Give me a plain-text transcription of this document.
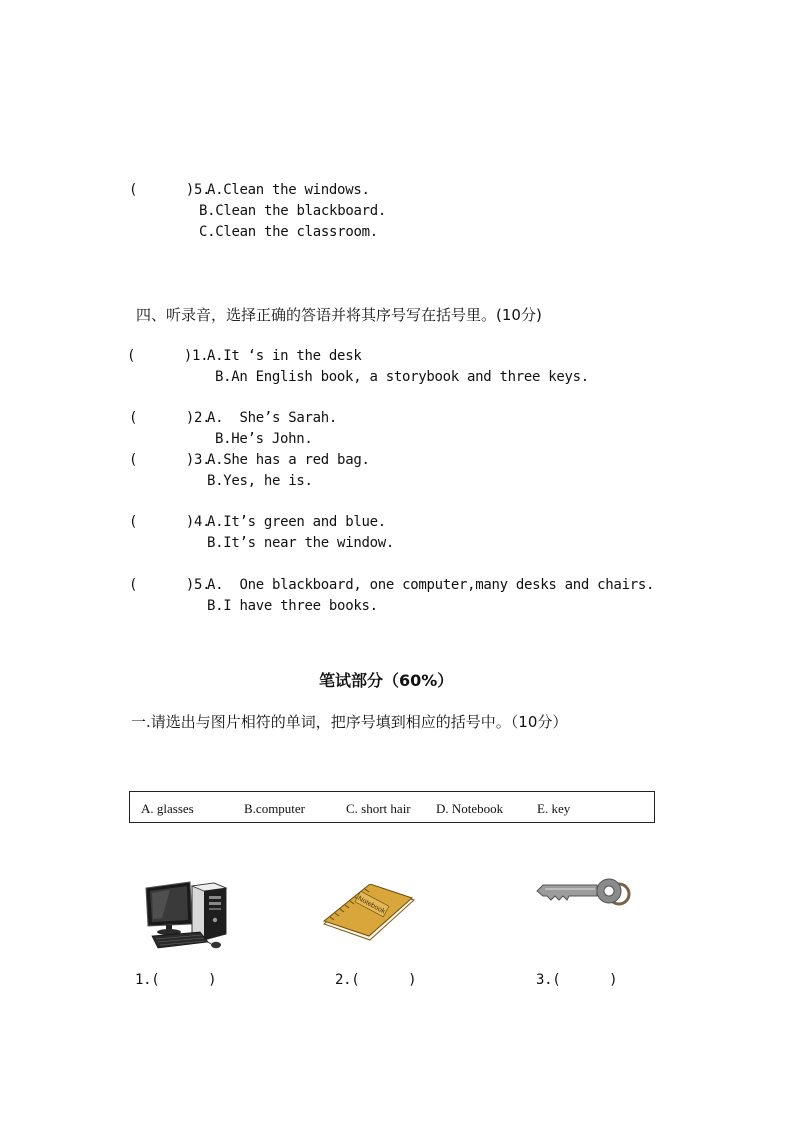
(      )5.
A.Clean the windows.
B.Clean the blackboard.
C.Clean the classroom.
四、听录音，选择正确的答语并将其序号写在括号里。(10分)
(      )1.
A.It ‘s in the desk
B.An English book, a storybook and three keys.
(      )2.
A.  She’s Sarah.
B.He’s John.
(      )3.
A.She has a red bag.
B.Yes, he is.
(      )4.
A.It’s green and blue.
B.It’s near the window.
(      )5.
A.  One blackboard, one computer,many desks and chairs.
B.I have three books.
笔试部分（60%）
一.请选出与图片相符的单词，把序号填到相应的括号中。（10分）
A. glasses	B.computer	C. short hair D. Notebook	E. key
Notebook
1.(      )	2.(      )	3.(      )
